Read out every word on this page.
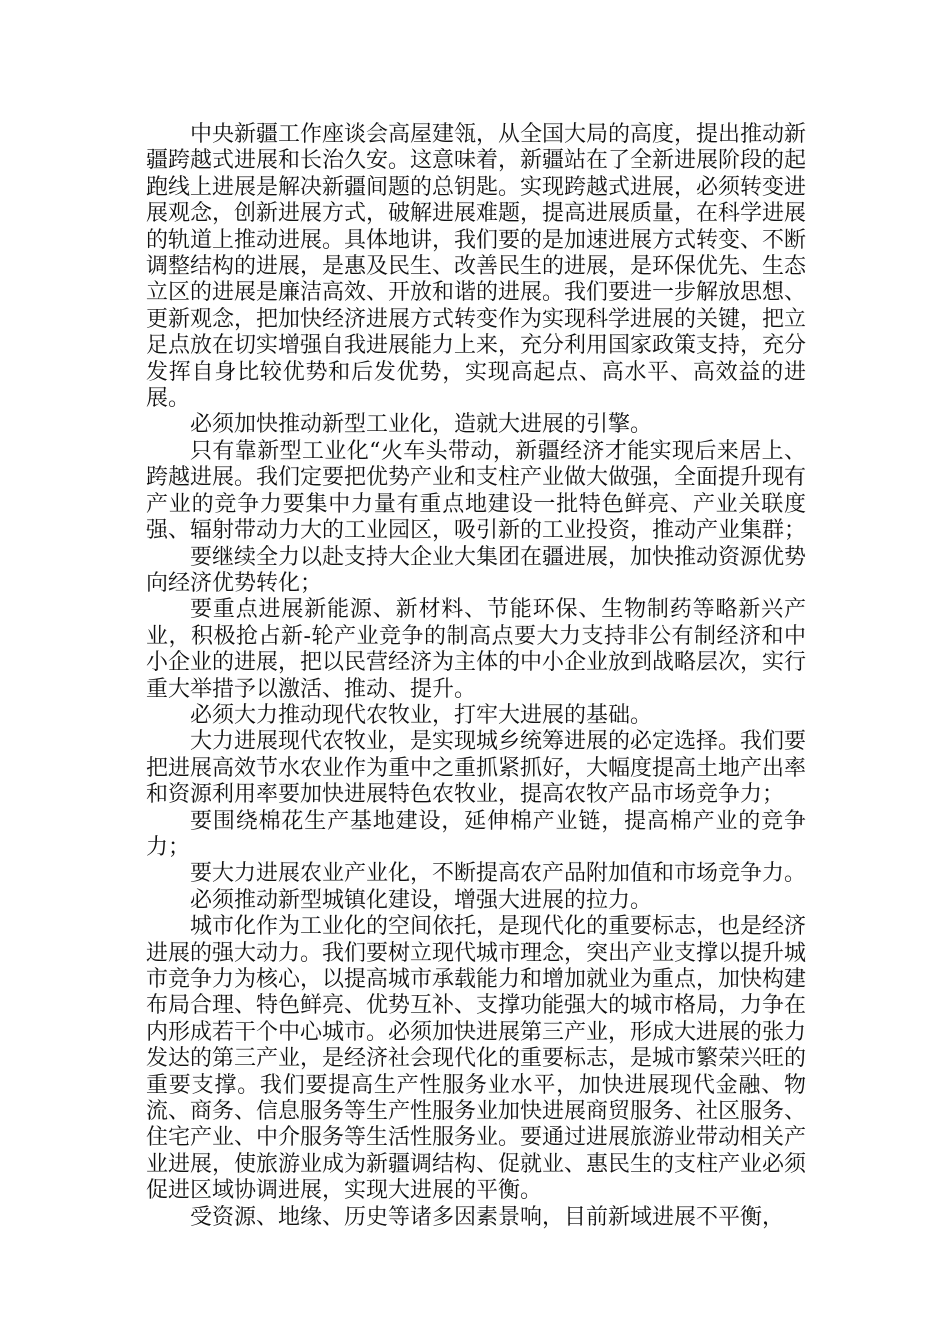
中央新疆工作座谈会高屋建瓴，从全国大局的高度，提出推动新疆跨越式进展和长治久安。这意味着，新疆站在了全新进展阶段的起跑线上进展是解决新疆间题的总钥匙。实现跨越式进展，必须转变进展观念，创新进展方式，破解进展难题，提高进展质量，在科学进展的轨道上推动进展。具体地讲，我们要的是加速进展方式转变、不断调整结构的进展，是惠及民生、改善民生的进展，是环保优先、生态立区的进展是廉洁高效、开放和谐的进展。我们要进一步解放思想、更新观念，把加快经济进展方式转变作为实现科学进展的关键，把立足点放在切实增强自我进展能力上来，充分利用国家政策支持，充分发挥自身比较优势和后发优势，实现高起点、高水平、高效益的进展。

必须加快推动新型工业化，造就大进展的引擎。

只有靠新型工业化“火车头带动，新疆经济才能实现后来居上、跨越进展。我们定要把优势产业和支柱产业做大做强，全面提升现有产业的竞争力要集中力量有重点地建设一批特色鲜亮、产业关联度强、辐射带动力大的工业园区，吸引新的工业投资，推动产业集群；

要继续全力以赴支持大企业大集团在疆进展，加快推动资源优势向经济优势转化；

要重点进展新能源、新材料、节能环保、生物制药等略新兴产业，积极抢占新-轮产业竞争的制高点要大力支持非公有制经济和中小企业的进展，把以民营经济为主体的中小企业放到战略层次，实行重大举措予以激活、推动、提升。

必须大力推动现代农牧业，打牢大进展的基础。

大力进展现代农牧业，是实现城乡统筹进展的必定选择。我们要把进展高效节水农业作为重中之重抓紧抓好，大幅度提高土地产出率和资源利用率要加快进展特色农牧业，提高农牧产品市场竞争力；

要围绕棉花生产基地建设，延伸棉产业链，提高棉产业的竞争力；

要大力进展农业产业化，不断提高农产品附加值和市场竞争力。

必须推动新型城镇化建设，增强大进展的拉力。

城市化作为工业化的空间依托，是现代化的重要标志，也是经济进展的强大动力。我们要树立现代城市理念，突出产业支撑以提升城市竞争力为核心，以提高城市承载能力和增加就业为重点，加快构建布局合理、特色鲜亮、优势互补、支撑功能强大的城市格局，力争在内形成若干个中心城市。必须加快进展第三产业，形成大进展的张力发达的第三产业，是经济社会现代化的重要标志，是城市繁荣兴旺的重要支撑。我们要提高生产性服务业水平，加快进展现代金融、物流、商务、信息服务等生产性服务业加快进展商贸服务、社区服务、住宅产业、中介服务等生活性服务业。要通过进展旅游业带动相关产业进展，使旅游业成为新疆调结构、促就业、惠民生的支柱产业必须促进区域协调进展，实现大进展的平衡。

受资源、地缘、历史等诸多因素景响，目前新域进展不平衡，
